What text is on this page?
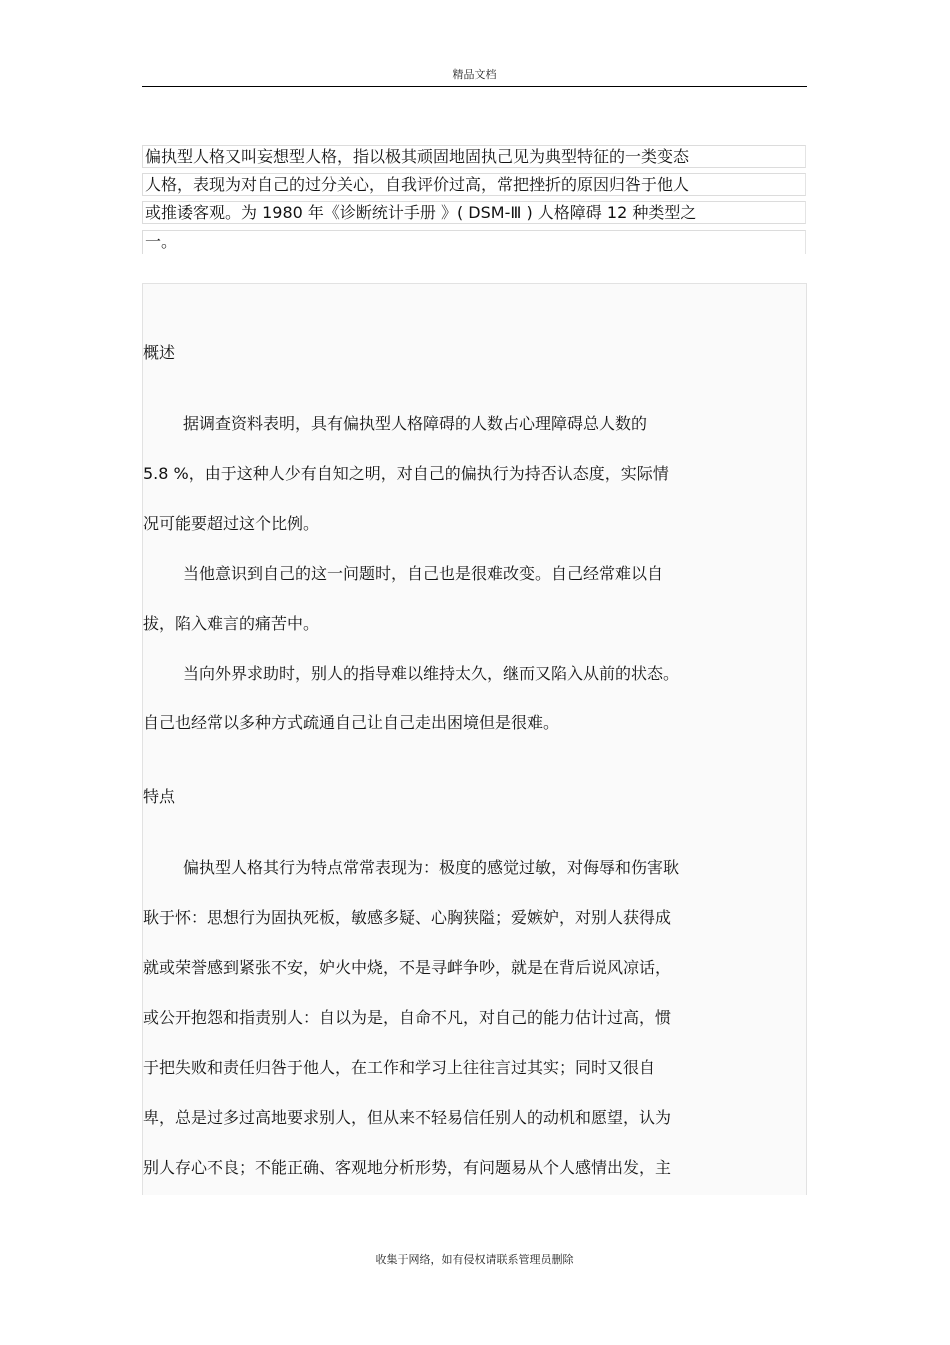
精品文档
偏执型人格又叫妄想型人格，指以极其顽固地固执己见为典型特征的一类变态
人格，表现为对自己的过分关心，自我评价过高，常把挫折的原因归咎于他人
或推诿客观。为 1980 年《诊断统计手册 》( DSM-Ⅲ ) 人格障碍 12 种类型之
一。
概述
据调查资料表明，具有偏执型人格障碍的人数占心理障碍总人数的
5.8 %，由于这种人少有自知之明，对自己的偏执行为持否认态度，实际情
况可能要超过这个比例。
当他意识到自己的这一问题时，自己也是很难改变。自己经常难以自
拔，陷入难言的痛苦中。
当向外界求助时，别人的指导难以维持太久，继而又陷入从前的状态。
自己也经常以多种方式疏通自己让自己走出困境但是很难。
特点
偏执型人格其行为特点常常表现为：极度的感觉过敏，对侮辱和伤害耿
耿于怀：思想行为固执死板，敏感多疑、心胸狭隘；爱嫉妒，对别人获得成
就或荣誉感到紧张不安，妒火中烧，不是寻衅争吵，就是在背后说风凉话，
或公开抱怨和指责别人：自以为是，自命不凡，对自己的能力估计过高，惯
于把失败和责任归咎于他人，在工作和学习上往往言过其实；同时又很自
卑，总是过多过高地要求别人，但从来不轻易信任别人的动机和愿望，认为
别人存心不良；不能正确、客观地分析形势，有问题易从个人感情出发，主
收集于网络，如有侵权请联系管理员删除
